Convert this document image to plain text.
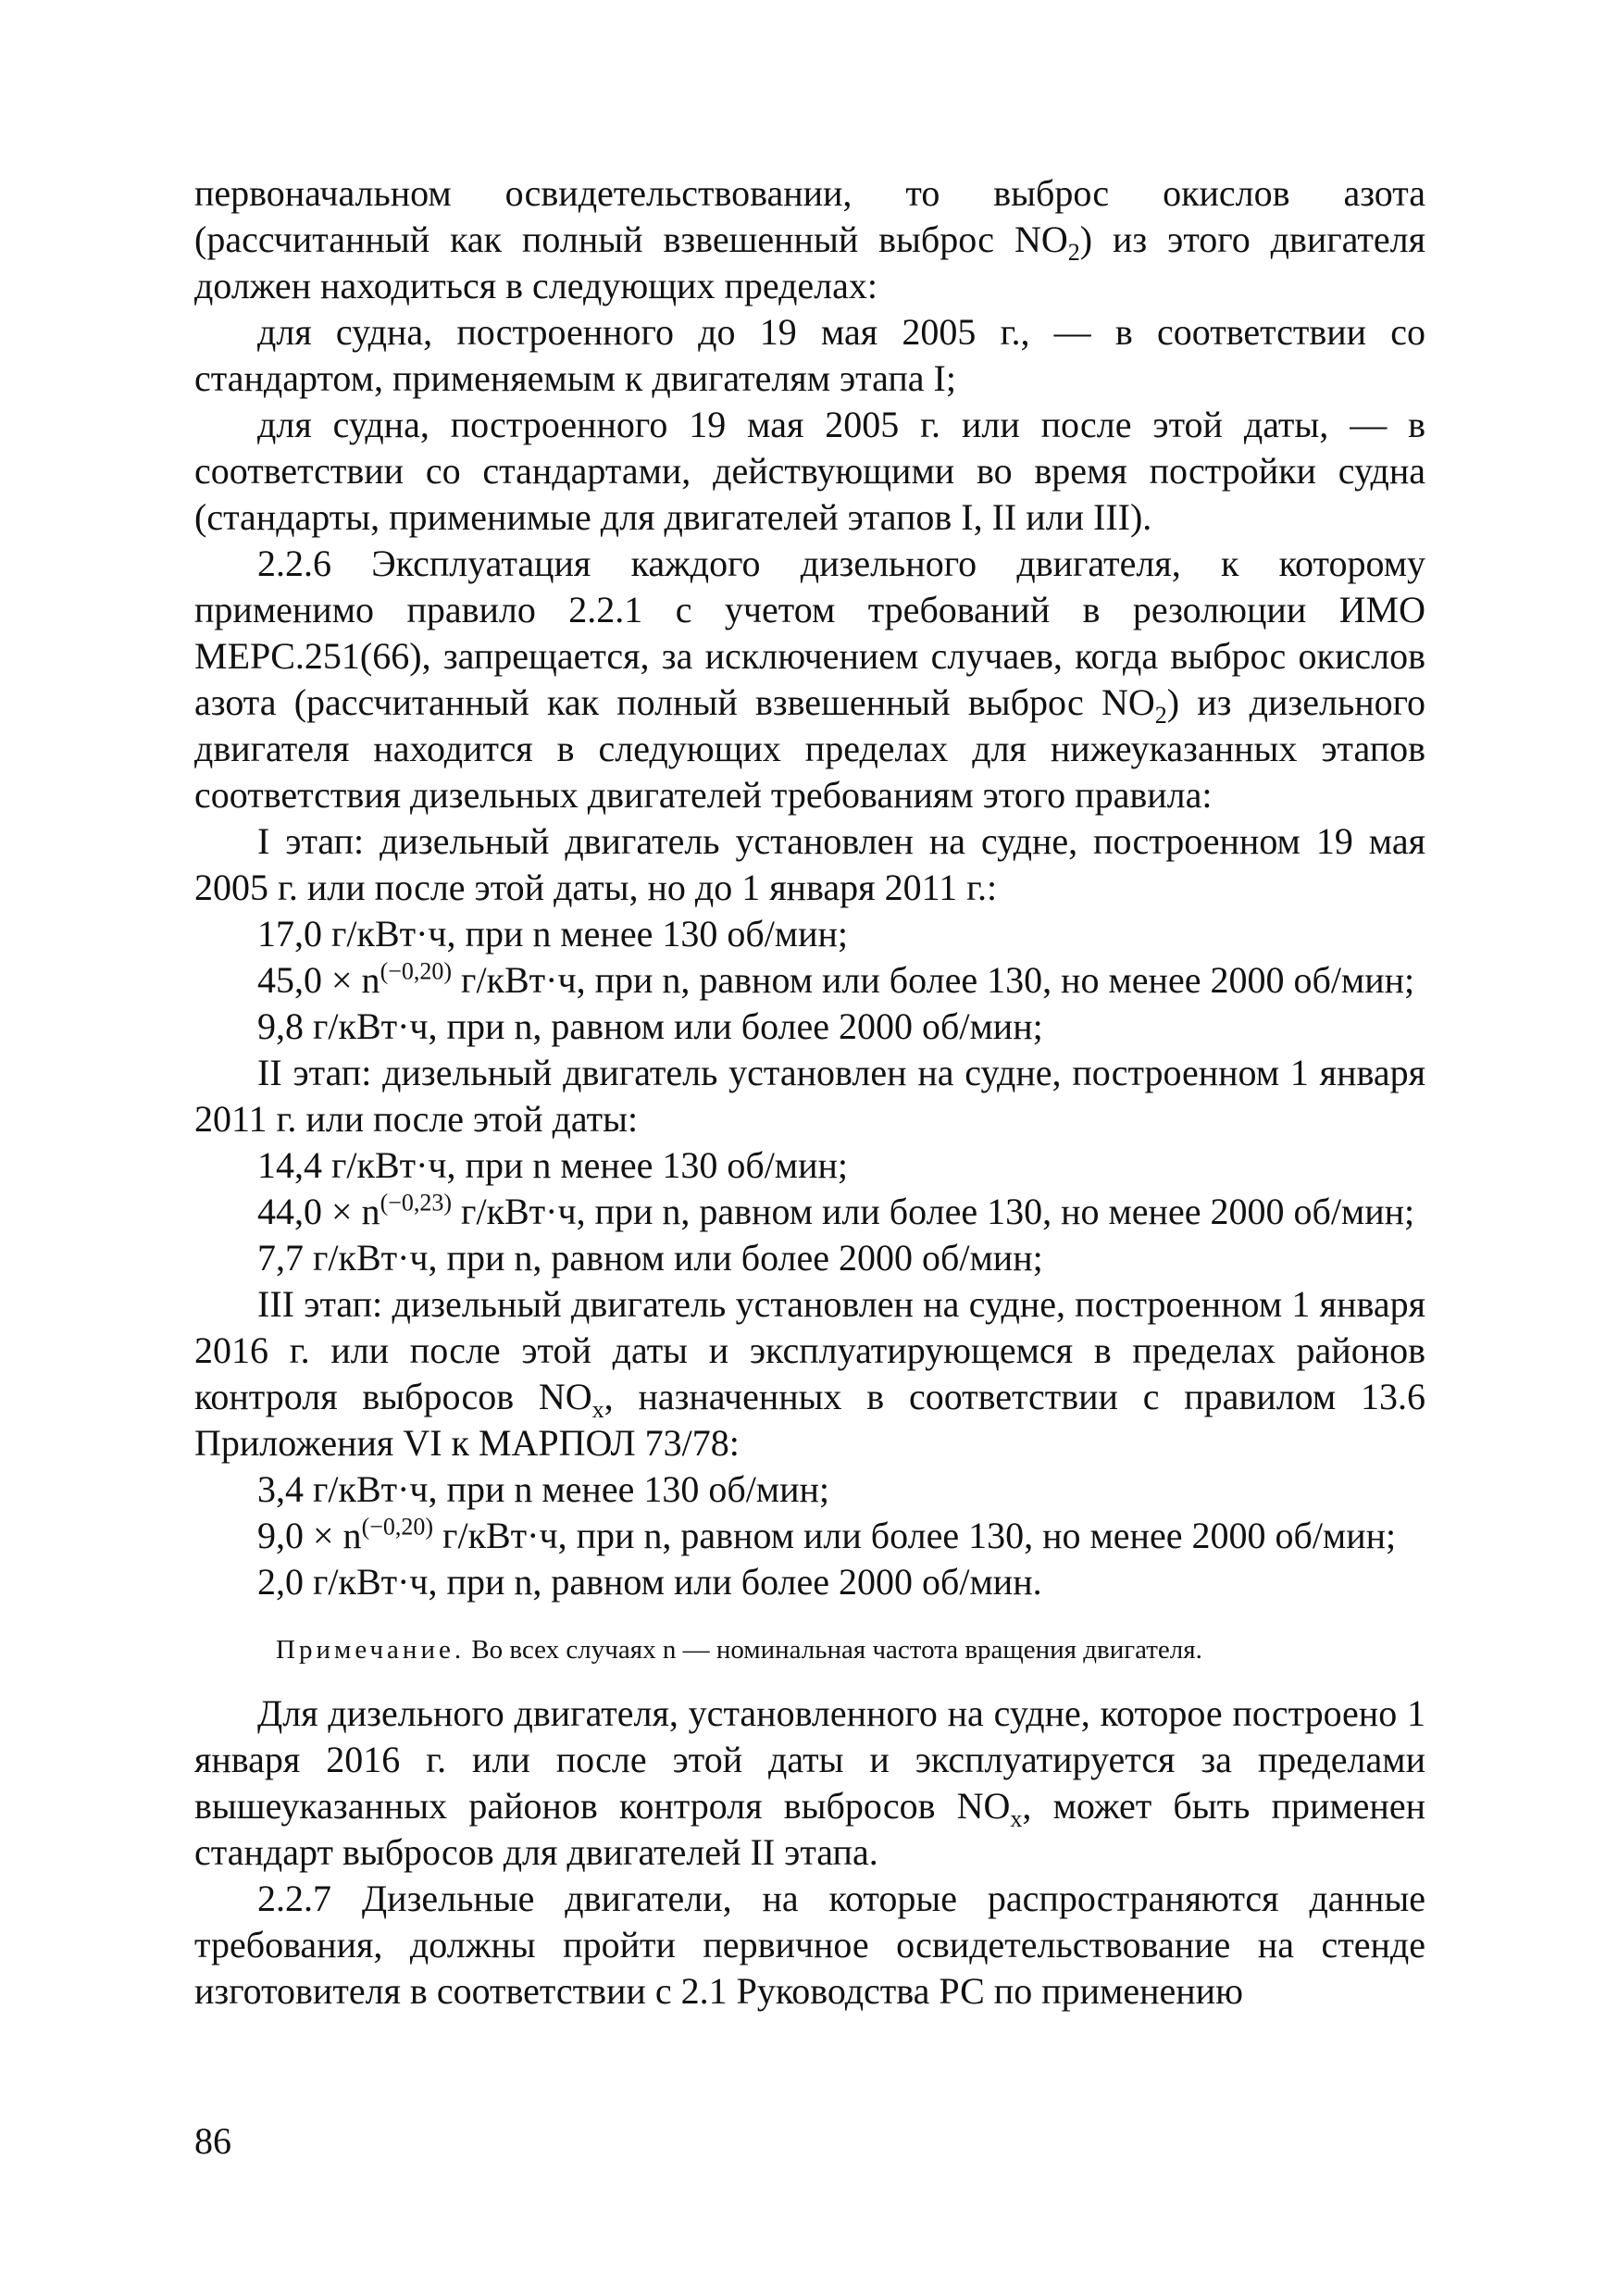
первоначальном освидетельствовании, то выброс окислов азота (рассчитанный как полный взвешенный выброс $NO_2$) из этого двигателя должен находиться в следующих пределах:

для судна, построенного до 19 мая 2005 г., — в соответствии со стандартом, применяемым к двигателям этапа I;

для судна, построенного 19 мая 2005 г. или после этой даты, — в соответствии со стандартами, действующими во время постройки судна (стандарты, применимые для двигателей этапов I, II или III).

2.2.6 Эксплуатация каждого дизельного двигателя, к которому применимо правило 2.2.1 с учетом требований в резолюции ИМО MEPC.251(66), запрещается, за исключением случаев, когда выброс окислов азота (рассчитанный как полный взвешенный выброс $NO_2$) из дизельного двигателя находится в следующих пределах для нижеуказанных этапов соответствия дизельных двигателей требованиям этого правила:

I этап: дизельный двигатель установлен на судне, построенном 19 мая 2005 г. или после этой даты, но до 1 января 2011 г.:

17,0 г/кВт·ч, при n менее 130 об/мин;

$45,0 \times n^{(-0,20)}$ г/кВт·ч, при n, равном или более 130, но менее 2000 об/мин;

9,8 г/кВт·ч, при n, равном или более 2000 об/мин;

II этап: дизельный двигатель установлен на судне, построенном 1 января 2011 г. или после этой даты:

14,4 г/кВт·ч, при n менее 130 об/мин;

$44,0 \times n^{(-0,23)}$ г/кВт·ч, при n, равном или более 130, но менее 2000 об/мин;

7,7 г/кВт·ч, при n, равном или более 2000 об/мин;

III этап: дизельный двигатель установлен на судне, построенном 1 января 2016 г. или после этой даты и эксплуатирующемся в пределах районов контроля выбросов $NO_x$, назначенных в соответствии с правилом 13.6 Приложения VI к МАРПОЛ 73/78:

3,4 г/кВт·ч, при n менее 130 об/мин;

$9,0 \times n^{(-0,20)}$ г/кВт·ч, при n, равном или более 130, но менее 2000 об/мин;

2,0 г/кВт·ч, при n, равном или более 2000 об/мин.

Примечание. Во всех случаях n — номинальная частота вращения двигателя.

Для дизельного двигателя, установленного на судне, которое построено 1 января 2016 г. или после этой даты и эксплуатируется за пределами вышеуказанных районов контроля выбросов $NO_x$, может быть применен стандарт выбросов для двигателей II этапа.

2.2.7 Дизельные двигатели, на которые распространяются данные требования, должны пройти первичное освидетельствование на стенде изготовителя в соответствии с 2.1 Руководства РС по применению

86
